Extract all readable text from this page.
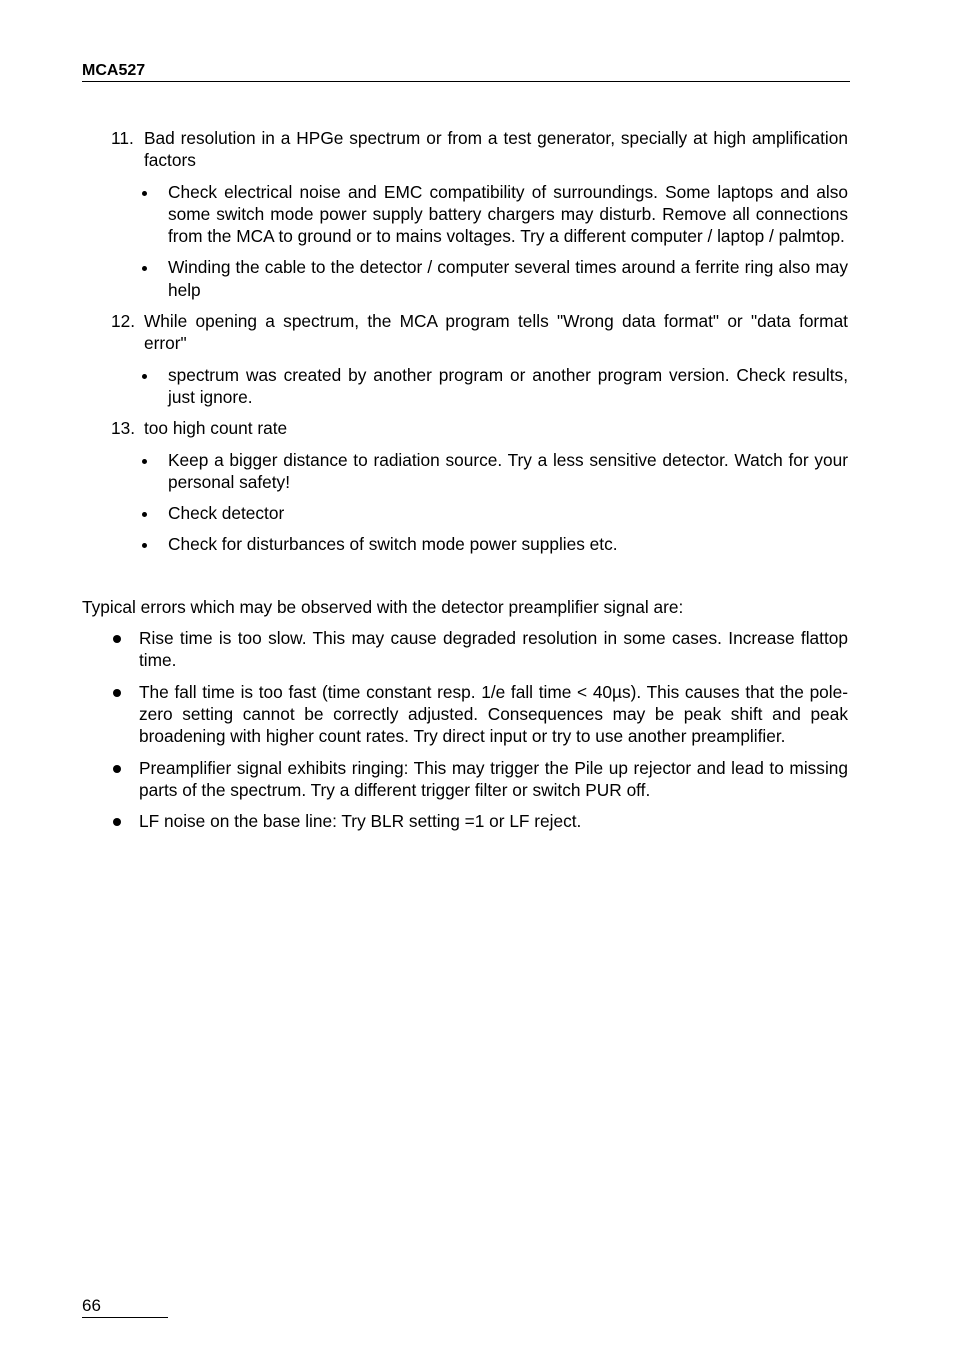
MCA527
11. Bad resolution in a HPGe spectrum or from a test generator, specially at high amplification factors
Check electrical noise and EMC compatibility of surroundings. Some laptops and also some switch mode power supply battery chargers may disturb. Remove all connections from the MCA to ground or to mains voltages. Try a different computer / laptop / palmtop.
Winding the cable to the detector / computer several times around a ferrite ring also may help
12. While opening a spectrum, the MCA program tells "Wrong data format" or "data format error"
spectrum was created by another program or another program version. Check results, just ignore.
13. too high count rate
Keep a bigger distance to radiation source. Try a less sensitive detector. Watch for your personal safety!
Check detector
Check for disturbances of switch mode power supplies etc.
Typical errors which may be observed with the detector preamplifier signal are:
Rise time is too slow. This may cause degraded resolution in some cases. Increase flattop time.
The fall time is too fast (time constant resp. 1/e fall time < 40µs). This causes that the pole-zero setting cannot be correctly adjusted. Consequences may be peak shift and peak broadening with higher count rates. Try direct input or try to use another preamplifier.
Preamplifier signal exhibits ringing: This may trigger the Pile up rejector and lead to missing parts of the spectrum. Try a different trigger filter or switch PUR off.
LF noise on the base line: Try BLR setting =1 or LF reject.
66
